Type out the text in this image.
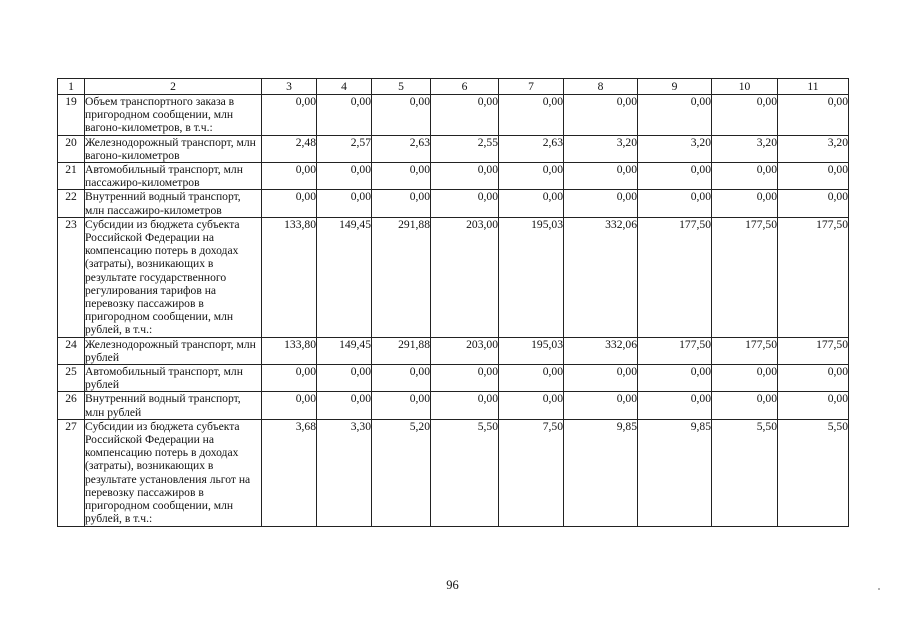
1	2	3	4	5	6	7	8	9	10	11
19	Объем транспортного заказа в пригородном сообщении, млн вагоно-километров, в т.ч.:	0,00	0,00	0,00	0,00	0,00	0,00	0,00	0,00	0,00
20	Железнодорожный транспорт, млн вагоно-километров	2,48	2,57	2,63	2,55	2,63	3,20	3,20	3,20	3,20
21	Автомобильный транспорт, млн пассажиро-километров	0,00	0,00	0,00	0,00	0,00	0,00	0,00	0,00	0,00
22	Внутренний водный транспорт, млн пассажиро-километров	0,00	0,00	0,00	0,00	0,00	0,00	0,00	0,00	0,00
23	Субсидии из бюджета субъекта Российской Федерации на компенсацию потерь в доходах (затраты), возникающих в результате государственного регулирования тарифов на перевозку пассажиров в пригородном сообщении, млн рублей, в т.ч.:	133,80	149,45	291,88	203,00	195,03	332,06	177,50	177,50	177,50
24	Железнодорожный транспорт, млн рублей	133,80	149,45	291,88	203,00	195,03	332,06	177,50	177,50	177,50
25	Автомобильный транспорт, млн рублей	0,00	0,00	0,00	0,00	0,00	0,00	0,00	0,00	0,00
26	Внутренний водный транспорт, млн рублей	0,00	0,00	0,00	0,00	0,00	0,00	0,00	0,00	0,00
27	Субсидии из бюджета субъекта Российской Федерации на компенсацию потерь в доходах (затраты), возникающих в результате установления льгот на перевозку пассажиров в пригородном сообщении, млн рублей, в т.ч.:	3,68	3,30	5,20	5,50	7,50	9,85	9,85	5,50	5,50
96
